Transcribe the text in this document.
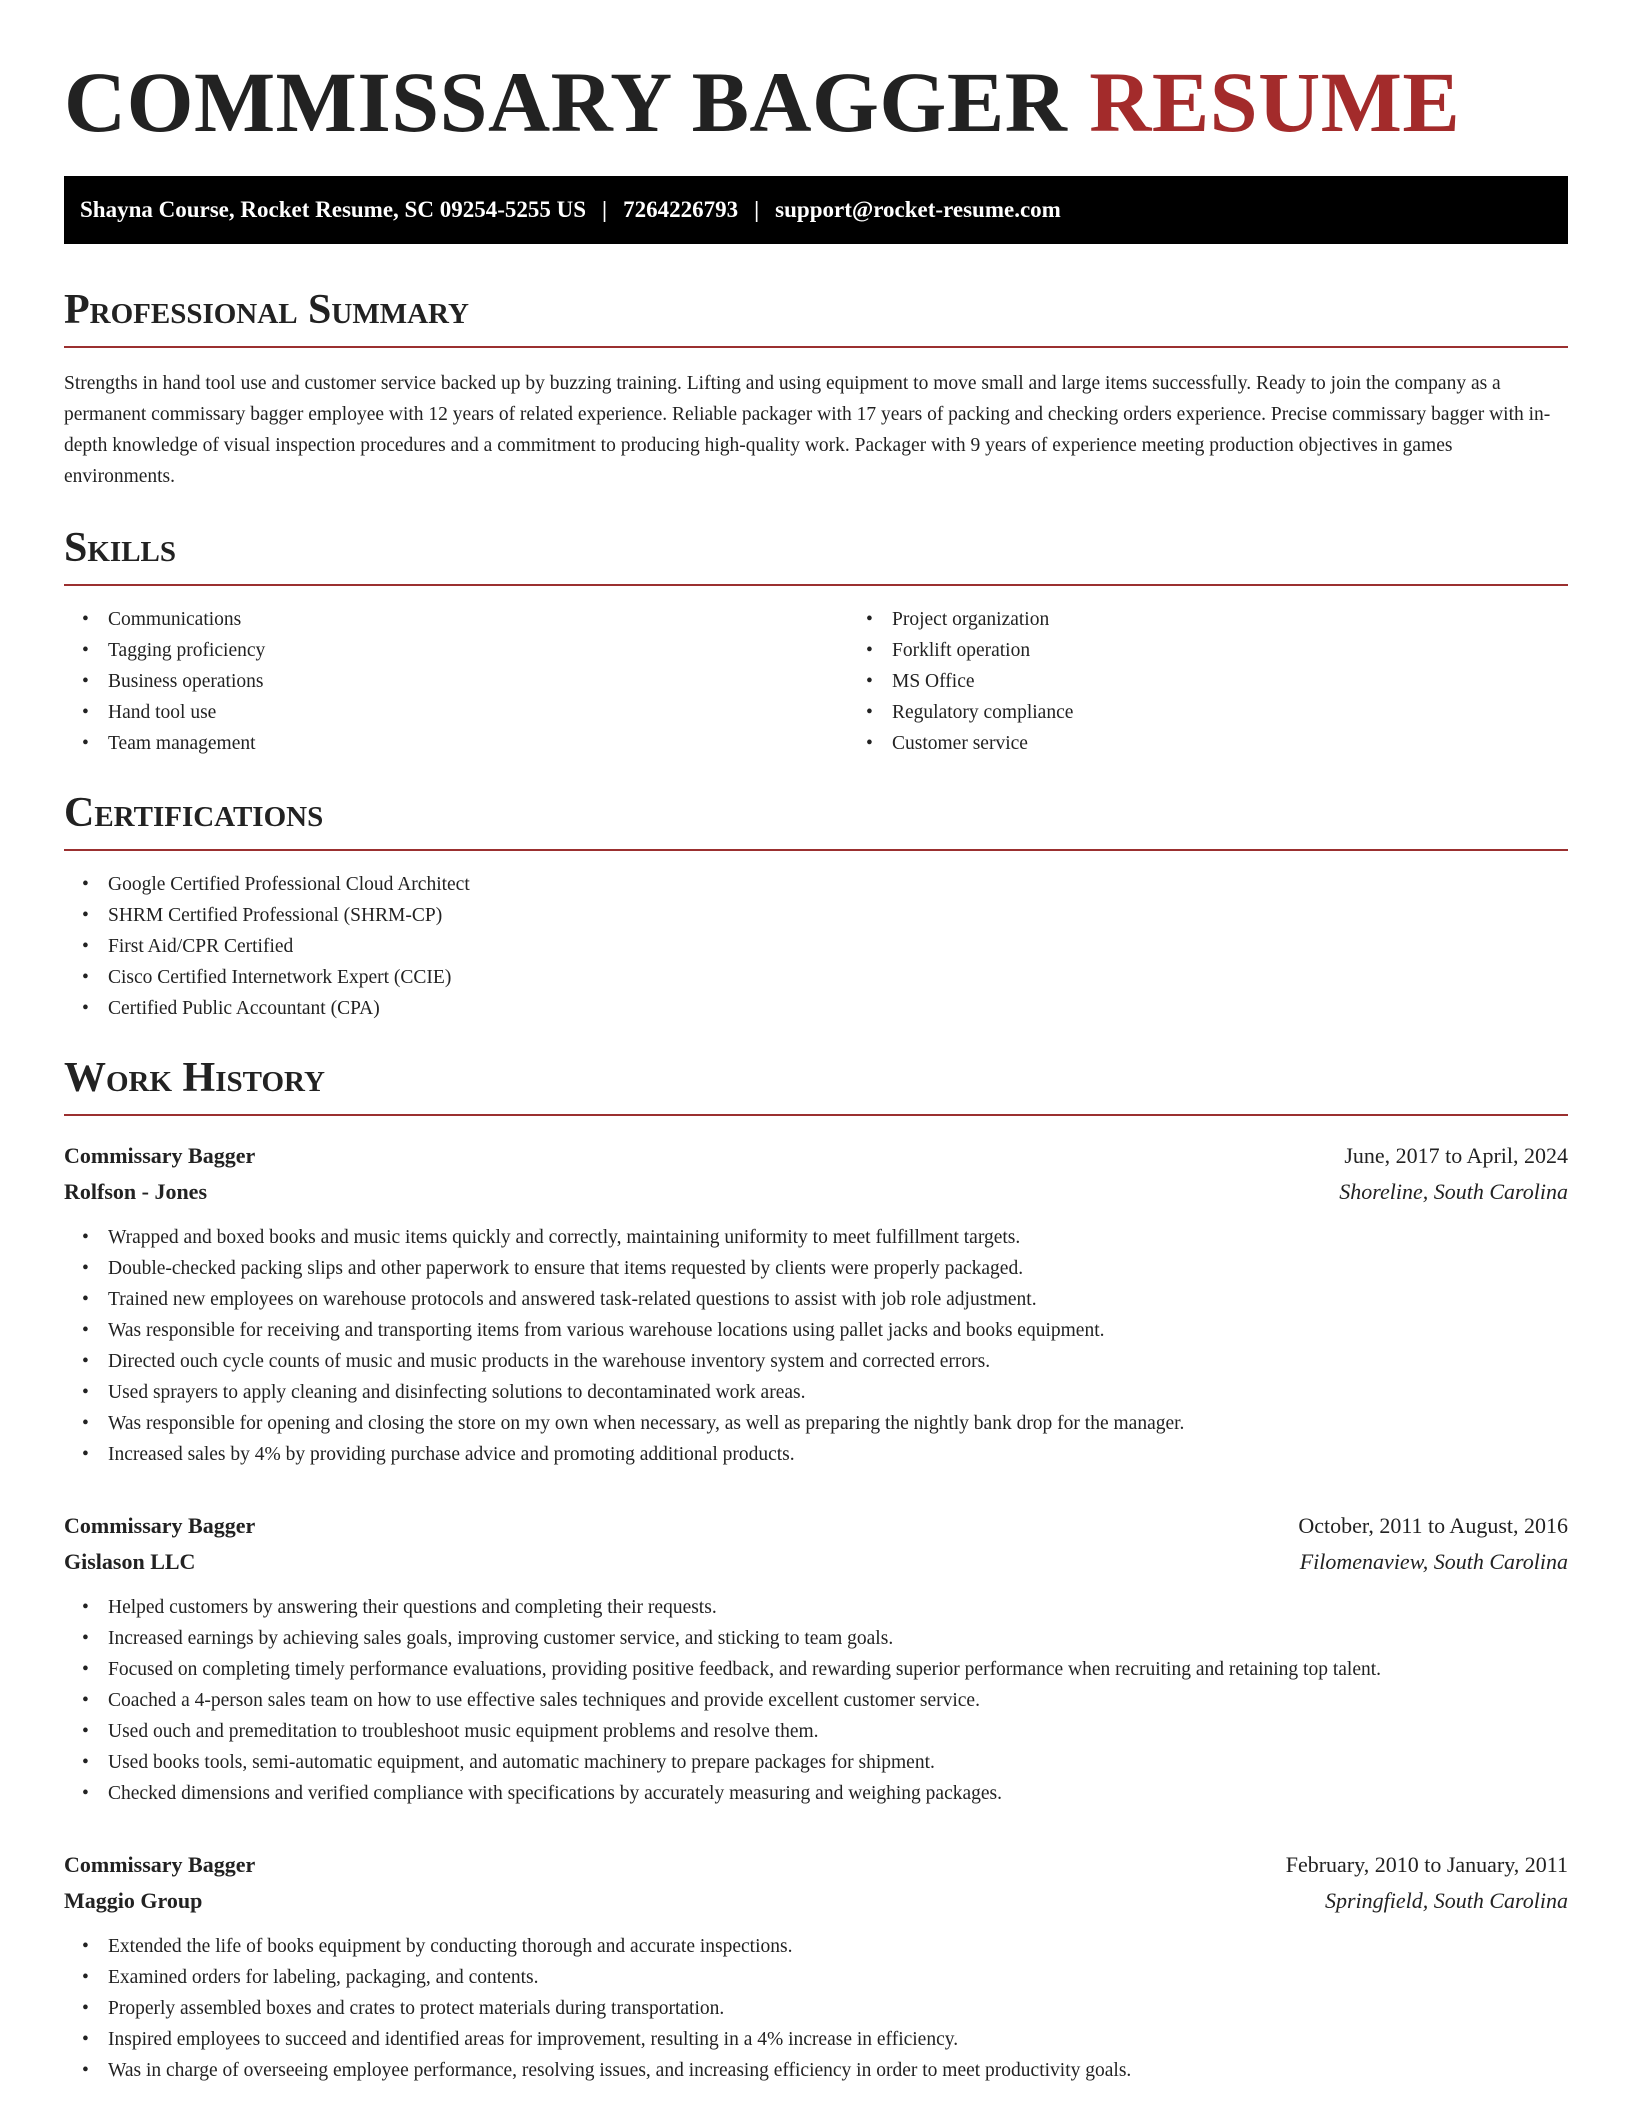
COMMISSARY BAGGER RESUME
Shayna Course, Rocket Resume, SC 09254-5255 US | 7264226793 | support@rocket-resume.com
Professional Summary

Strengths in hand tool use and customer service backed up by buzzing training. Lifting and using equipment to move small and large items successfully. Ready to join the company as a permanent commissary bagger employee with 12 years of related experience. Reliable packager with 17 years of packing and checking orders experience. Precise commissary bagger with in-depth knowledge of visual inspection procedures and a commitment to producing high-quality work. Packager with 9 years of experience meeting production objectives in games environments.

Skills
• Communications
• Tagging proficiency
• Business operations
• Hand tool use
• Team management
• Project organization
• Forklift operation
• MS Office
• Regulatory compliance
• Customer service
Certifications
• Google Certified Professional Cloud Architect
• SHRM Certified Professional (SHRM-CP)
• First Aid/CPR Certified
• Cisco Certified Internetwork Expert (CCIE)
• Certified Public Accountant (CPA)
Work History
Commissary Bagger	June, 2017 to April, 2024
Rolfson - Jones	Shoreline, South Carolina
• Wrapped and boxed books and music items quickly and correctly, maintaining uniformity to meet fulfillment targets.
• Double-checked packing slips and other paperwork to ensure that items requested by clients were properly packaged.
• Trained new employees on warehouse protocols and answered task-related questions to assist with job role adjustment.
• Was responsible for receiving and transporting items from various warehouse locations using pallet jacks and books equipment.
• Directed ouch cycle counts of music and music products in the warehouse inventory system and corrected errors.
• Used sprayers to apply cleaning and disinfecting solutions to decontaminated work areas.
• Was responsible for opening and closing the store on my own when necessary, as well as preparing the nightly bank drop for the manager.
• Increased sales by 4% by providing purchase advice and promoting additional products.
Commissary Bagger	October, 2011 to August, 2016
Gislason LLC	Filomenaview, South Carolina
• Helped customers by answering their questions and completing their requests.
• Increased earnings by achieving sales goals, improving customer service, and sticking to team goals.
• Focused on completing timely performance evaluations, providing positive feedback, and rewarding superior performance when recruiting and retaining top talent.
• Coached a 4-person sales team on how to use effective sales techniques and provide excellent customer service.
• Used ouch and premeditation to troubleshoot music equipment problems and resolve them.
• Used books tools, semi-automatic equipment, and automatic machinery to prepare packages for shipment.
• Checked dimensions and verified compliance with specifications by accurately measuring and weighing packages.
Commissary Bagger	February, 2010 to January, 2011
Maggio Group	Springfield, South Carolina
• Extended the life of books equipment by conducting thorough and accurate inspections.
• Examined orders for labeling, packaging, and contents.
• Properly assembled boxes and crates to protect materials during transportation.
• Inspired employees to succeed and identified areas for improvement, resulting in a 4% increase in efficiency.
• Was in charge of overseeing employee performance, resolving issues, and increasing efficiency in order to meet productivity goals.
